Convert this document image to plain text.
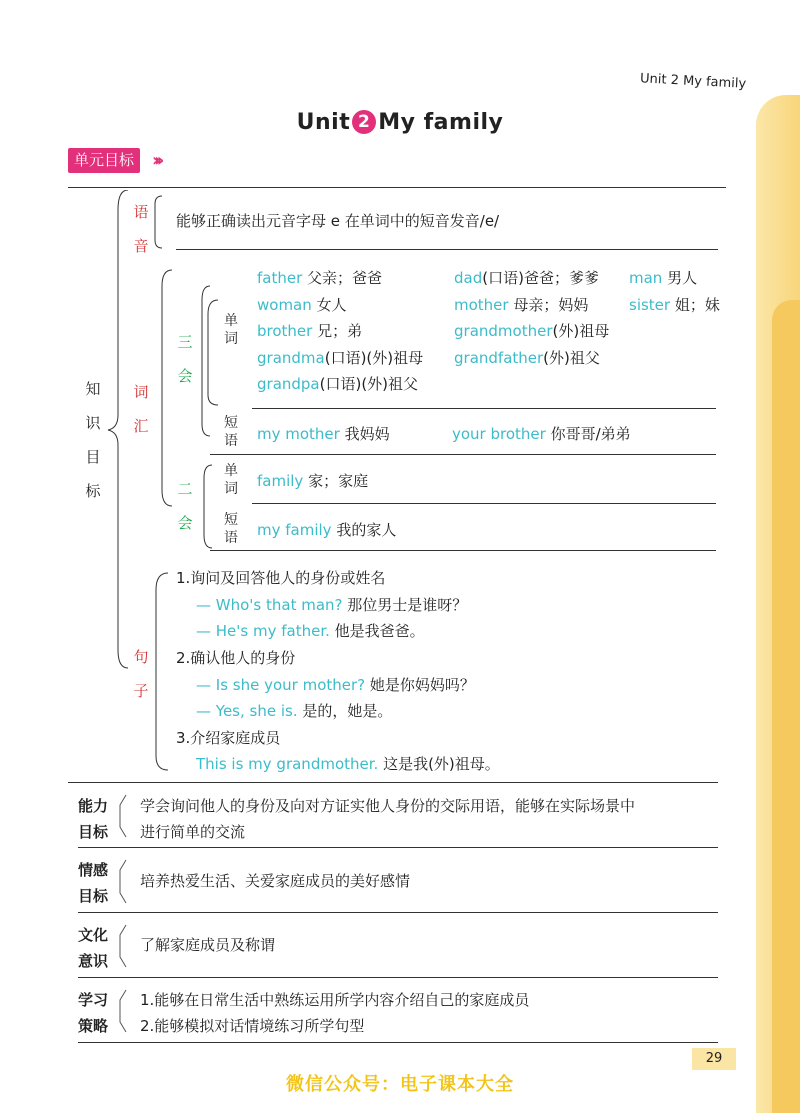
Unit 2 My family
Unit 2 My family
单元目标 ›››
知
识
目
标
语
音
能够正确读出元音字母 e 在单词中的短音发音/e/
词
汇
三
会
单
词
father 父亲；爸爸	dad(口语)爸爸；爹爹 man 男人
woman 女人	mother 母亲；妈妈	sister 姐；妹
brother 兄；弟	grandmother(外)祖母
grandma(口语)(外)祖母 grandfather(外)祖父
grandpa(口语)(外)祖父
短
语 my mother 我妈妈	your brother 你哥哥/弟弟
二
会
单
词 family 家；家庭
短
语 my family 我的家人
句
子
1.询问及回答他人的身份或姓名
— Who's that man? 那位男士是谁呀？
— He's my father. 他是我爸爸。
2.确认他人的身份
— Is she your mother? 她是你妈妈吗？
— Yes, she is. 是的，她是。
3.介绍家庭成员
This is my grandmother. 这是我(外)祖母。
能力
目标
学会询问他人的身份及向对方证实他人身份的交际用语，能够在实际场景中
进行简单的交流
情感
目标
培养热爱生活、关爱家庭成员的美好感情
文化
意识
了解家庭成员及称谓
学习
策略
1.能够在日常生活中熟练运用所学内容介绍自己的家庭成员
2.能够模拟对话情境练习所学句型
29
微信公众号：电子课本大全
